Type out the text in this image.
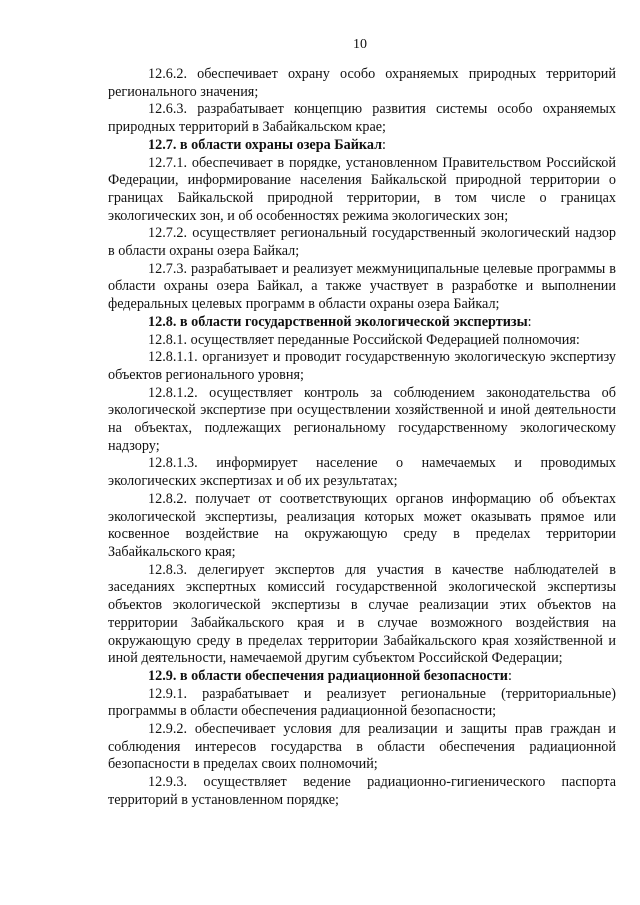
10

12.6.2. обеспечивает охрану особо охраняемых природных территорий регионального значения;

12.6.3. разрабатывает концепцию развития системы особо охраняемых природных территорий в Забайкальском крае;

12.7. в области охраны озера Байкал:

12.7.1. обеспечивает в порядке, установленном Правительством Российской Федерации, информирование населения Байкальской природной территории о границах Байкальской природной территории, в том числе о границах экологических зон, и об особенностях режима экологических зон;

12.7.2. осуществляет региональный государственный экологический надзор в области охраны озера Байкал;

12.7.3. разрабатывает и реализует межмуниципальные целевые программы в области охраны озера Байкал, а также участвует в разработке и выполнении федеральных целевых программ в области охраны озера Байкал;

12.8. в области государственной экологической экспертизы:

12.8.1. осуществляет переданные Российской Федерацией полномочия:

12.8.1.1. организует и проводит государственную экологическую экспертизу объектов регионального уровня;

12.8.1.2. осуществляет контроль за соблюдением законодательства об экологической экспертизе при осуществлении хозяйственной и иной деятельности на объектах, подлежащих региональному государственному экологическому надзору;

12.8.1.3. информирует население о намечаемых и проводимых экологических экспертизах и об их результатах;

12.8.2. получает от соответствующих органов информацию об объектах экологической экспертизы, реализация которых может оказывать прямое или косвенное воздействие на окружающую среду в пределах территории Забайкальского края;

12.8.3. делегирует экспертов для участия в качестве наблюдателей в заседаниях экспертных комиссий государственной экологической экспертизы объектов экологической экспертизы в случае реализации этих объектов на территории Забайкальского края и в случае возможного воздействия на окружающую среду в пределах территории Забайкальского края хозяйственной и иной деятельности, намечаемой другим субъектом Российской Федерации;

12.9. в области обеспечения радиационной безопасности:

12.9.1. разрабатывает и реализует региональные (территориальные) программы в области обеспечения радиационной безопасности;

12.9.2. обеспечивает условия для реализации и защиты прав граждан и соблюдения интересов государства в области обеспечения радиационной безопасности в пределах своих полномочий;

12.9.3. осуществляет ведение радиационно-гигиенического паспорта территорий в установленном порядке;
